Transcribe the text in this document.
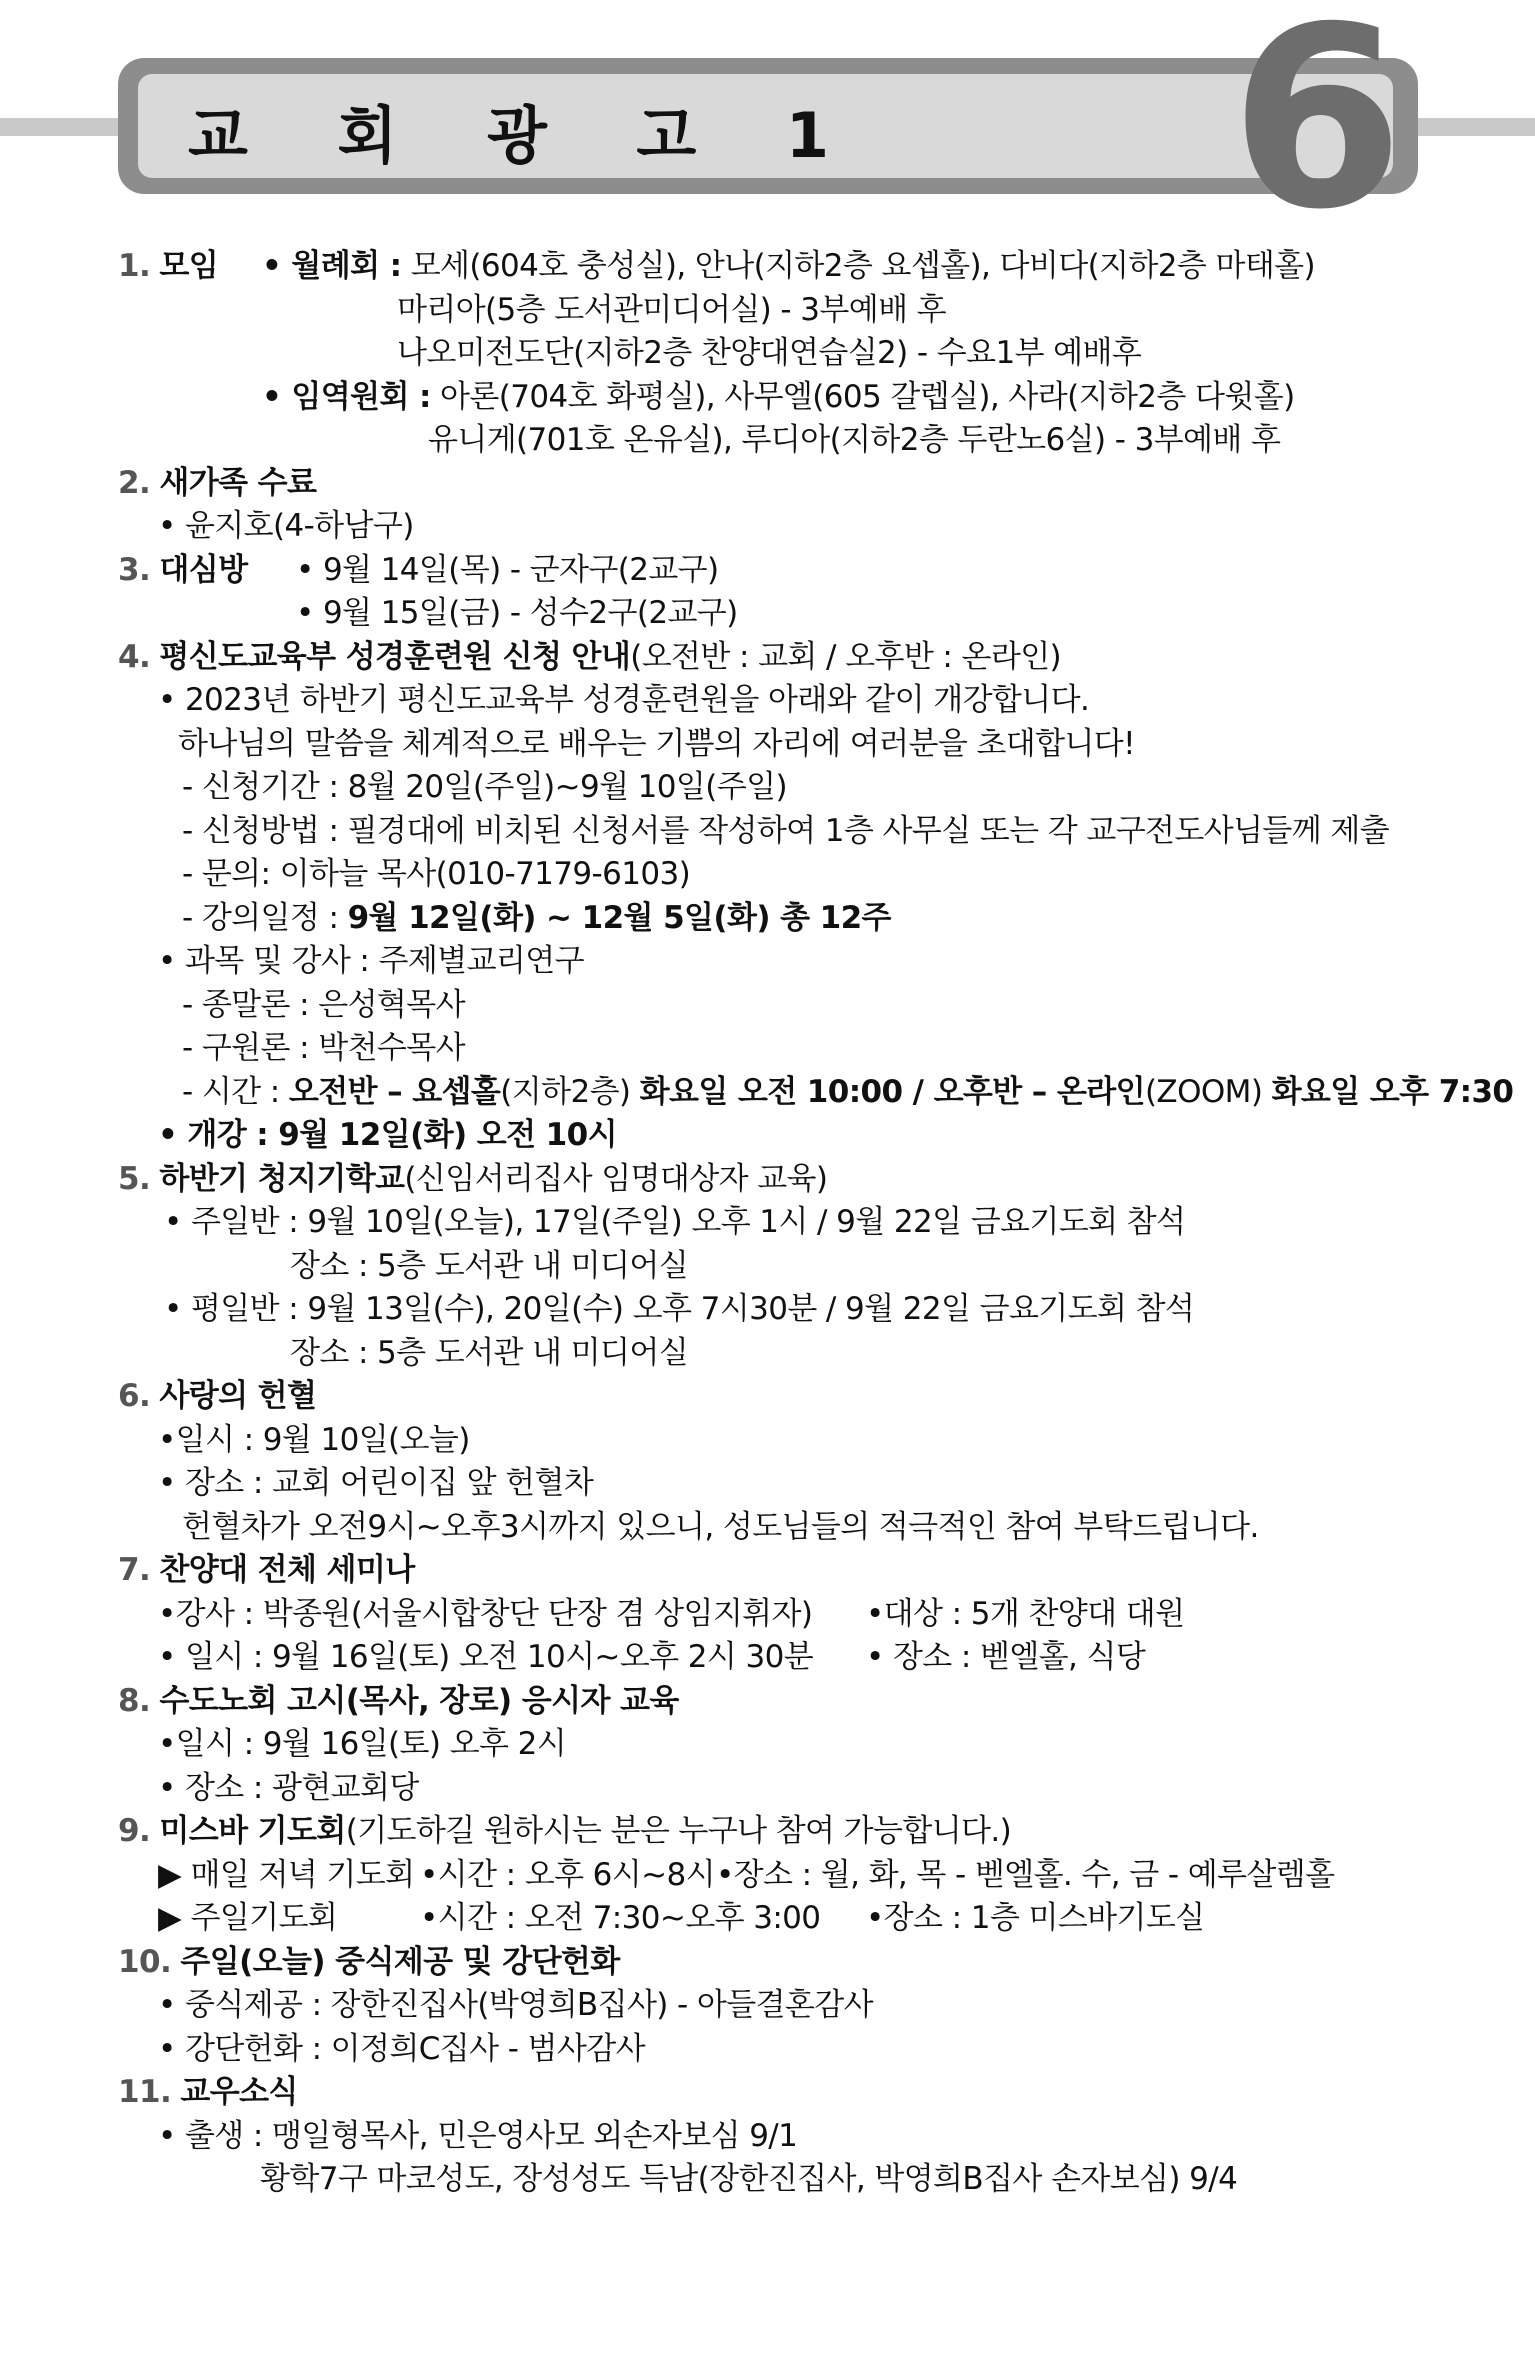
교 회 광 고 1 6
1. 모임 • 월례회 : 모세(604호 충성실), 안나(지하2층 요셉홀), 다비다(지하2층 마태홀)
마리아(5층 도서관미디어실) - 3부예배 후
나오미전도단(지하2층 찬양대연습실2) - 수요1부 예배후
• 임역원회 : 아론(704호 화평실), 사무엘(605 갈렙실), 사라(지하2층 다윗홀)
유니게(701호 온유실), 루디아(지하2층 두란노6실) - 3부예배 후
2. 새가족 수료
• 윤지호(4-하남구)
3. 대심방 • 9월 14일(목) - 군자구(2교구)
• 9월 15일(금) - 성수2구(2교구)
4. 평신도교육부 성경훈련원 신청 안내(오전반 : 교회 / 오후반 : 온라인)
• 2023년 하반기 평신도교육부 성경훈련원을 아래와 같이 개강합니다.
하나님의 말씀을 체계적으로 배우는 기쁨의 자리에 여러분을 초대합니다!
- 신청기간 : 8월 20일(주일)~9월 10일(주일)
- 신청방법 : 필경대에 비치된 신청서를 작성하여 1층 사무실 또는 각 교구전도사님들께 제출
- 문의: 이하늘 목사(010-7179-6103)
- 강의일정 : 9월 12일(화) ~ 12월 5일(화) 총 12주
• 과목 및 강사 : 주제별교리연구
- 종말론 : 은성혁목사
- 구원론 : 박천수목사
- 시간 : 오전반 – 요셉홀(지하2층) 화요일 오전 10:00 / 오후반 – 온라인(ZOOM) 화요일 오후 7:30
• 개강 : 9월 12일(화) 오전 10시
5. 하반기 청지기학교(신임서리집사 임명대상자 교육)
• 주일반 : 9월 10일(오늘), 17일(주일) 오후 1시 / 9월 22일 금요기도회 참석
장소 : 5층 도서관 내 미디어실
• 평일반 : 9월 13일(수), 20일(수) 오후 7시30분 / 9월 22일 금요기도회 참석
장소 : 5층 도서관 내 미디어실
6. 사랑의 헌혈
•일시 : 9월 10일(오늘)
• 장소 : 교회 어린이집 앞 헌혈차
헌혈차가 오전9시~오후3시까지 있으니, 성도님들의 적극적인 참여 부탁드립니다.
7. 찬양대 전체 세미나
•강사 : 박종원(서울시합창단 단장 겸 상임지휘자) •대상 : 5개 찬양대 대원
• 일시 : 9월 16일(토) 오전 10시~오후 2시 30분 • 장소 : 벧엘홀, 식당
8. 수도노회 고시(목사, 장로) 응시자 교육
•일시 : 9월 16일(토) 오후 2시
• 장소 : 광현교회당
9. 미스바 기도회(기도하길 원하시는 분은 누구나 참여 가능합니다.)
▶ 매일 저녁 기도회 •시간 : 오후 6시~8시 •장소 : 월, 화, 목 - 벧엘홀. 수, 금 - 예루살렘홀
▶ 주일기도회	•시간 : 오전 7:30~오후 3:00 •장소 : 1층 미스바기도실
10. 주일(오늘) 중식제공 및 강단헌화
• 중식제공 : 장한진집사(박영희B집사) - 아들결혼감사
• 강단헌화 : 이정희C집사 - 범사감사
11. 교우소식
• 출생 : 맹일형목사, 민은영사모 외손자보심 9/1
황학7구 마코성도, 장성성도 득남(장한진집사, 박영희B집사 손자보심) 9/4
